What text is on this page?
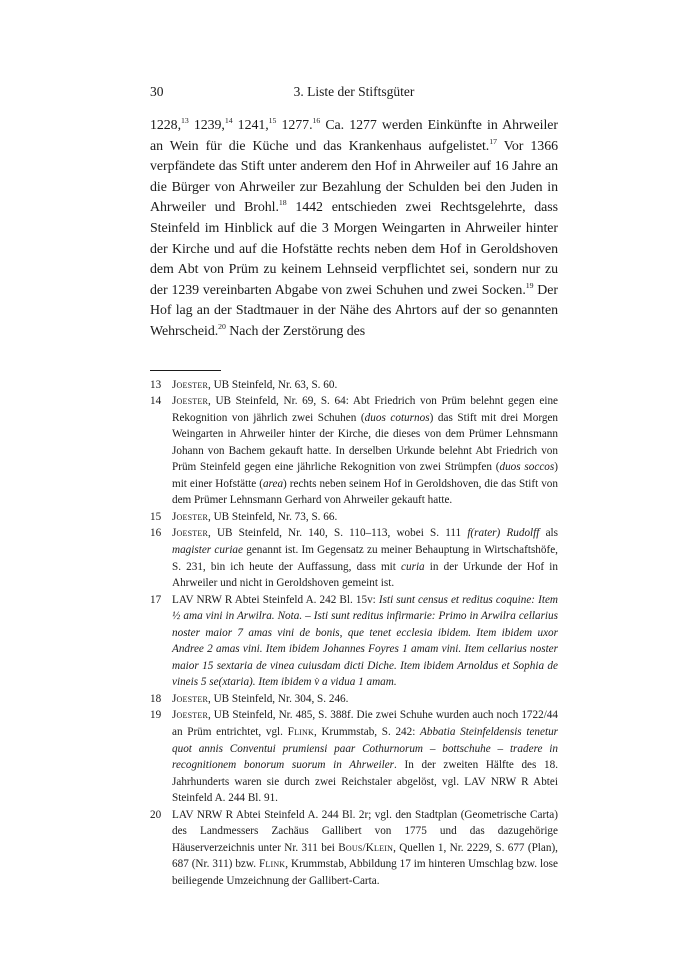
30	3. Liste der Stiftsgüter
1228,13 1239,14 1241,15 1277.16 Ca. 1277 werden Einkünfte in Ahrweiler an Wein für die Küche und das Krankenhaus aufgelistet.$^{17}$ Vor 1366 verpfändete das Stift unter anderem den Hof in Ahrweiler auf 16 Jahre an die Bürger von Ahrweiler zur Bezahlung der Schulden bei den Juden in Ahrweiler und Brohl.$^{18}$ 1442 entschieden zwei Rechtsgelehrte, dass Steinfeld im Hinblick auf die 3 Morgen Weingarten in Ahrweiler hinter der Kirche und auf die Hofstätte rechts neben dem Hof in Geroldshoven dem Abt von Prüm zu keinem Lehnseid verpflichtet sei, sondern nur zu der 1239 vereinbarten Abgabe von zwei Schuhen und zwei Socken.$^{19}$ Der Hof lag an der Stadtmauer in der Nähe des Ahrtors auf der so genannten Wehrscheid.$^{20}$ Nach der Zerstörung des
13 Joester, UB Steinfeld, Nr. 63, S. 60.
14 Joester, UB Steinfeld, Nr. 69, S. 64: Abt Friedrich von Prüm belehnt gegen eine Rekognition von jährlich zwei Schuhen (duos coturnos) das Stift mit drei Morgen Weingarten in Ahrweiler hinter der Kirche, die dieses von dem Prümer Lehnsmann Johann von Bachem gekauft hatte. In derselben Urkunde belehnt Abt Friedrich von Prüm Steinfeld gegen eine jährliche Rekognition von zwei Strümpfen (duos soccos) mit einer Hofstätte (area) rechts neben seinem Hof in Geroldshoven, die das Stift von dem Prümer Lehnsmann Gerhard von Ahrweiler gekauft hatte.
15 Joester, UB Steinfeld, Nr. 73, S. 66.
16 Joester, UB Steinfeld, Nr. 140, S. 110–113, wobei S. 111 f(rater) Rudolff als magister curiae genannt ist. Im Gegensatz zu meiner Behauptung in Wirtschaftshöfe, S. 231, bin ich heute der Auffassung, dass mit curia in der Urkunde der Hof in Ahrweiler und nicht in Geroldshoven gemeint ist.
17 LAV NRW R Abtei Steinfeld A. 242 Bl. 15v: Isti sunt census et reditus coquine: Item ½ ama vini in Arwilra. Nota. – Isti sunt reditus infirmarie: Primo in Arwilra cellarius noster maior 7 amas vini de bonis, que tenet ecclesia ibidem. Item ibidem uxor Andree 2 amas vini. Item ibidem Johannes Foyres 1 amam vini. Item cellarius noster maior 15 sextaria de vinea cuiusdam dicti Diche. Item ibidem Arnoldus et Sophia de vineis 5 se(xtaria). Item ibidem v̇ a vidua 1 amam.
18 Joester, UB Steinfeld, Nr. 304, S. 246.
19 Joester, UB Steinfeld, Nr. 485, S. 388f. Die zwei Schuhe wurden auch noch 1722/44 an Prüm entrichtet, vgl. Flink, Krummstab, S. 242: Abbatia Steinfeldensis tenetur quot annis Conventui prumiensi paar Cothurnorum – bottschuhe – tradere in recognitionem bonorum suorum in Ahrweiler. In der zweiten Hälfte des 18. Jahrhunderts waren sie durch zwei Reichstaler abgelöst, vgl. LAV NRW R Abtei Steinfeld A. 244 Bl. 91.
20 LAV NRW R Abtei Steinfeld A. 244 Bl. 2r; vgl. den Stadtplan (Geometrische Carta) des Landmessers Zachäus Gallibert von 1775 und das dazugehörige Häuserverzeichnis unter Nr. 311 bei Bous/Klein, Quellen 1, Nr. 2229, S. 677 (Plan), 687 (Nr. 311) bzw. Flink, Krummstab, Abbildung 17 im hinteren Umschlag bzw. lose beiliegende Umzeichnung der Gallibert-Carta.
